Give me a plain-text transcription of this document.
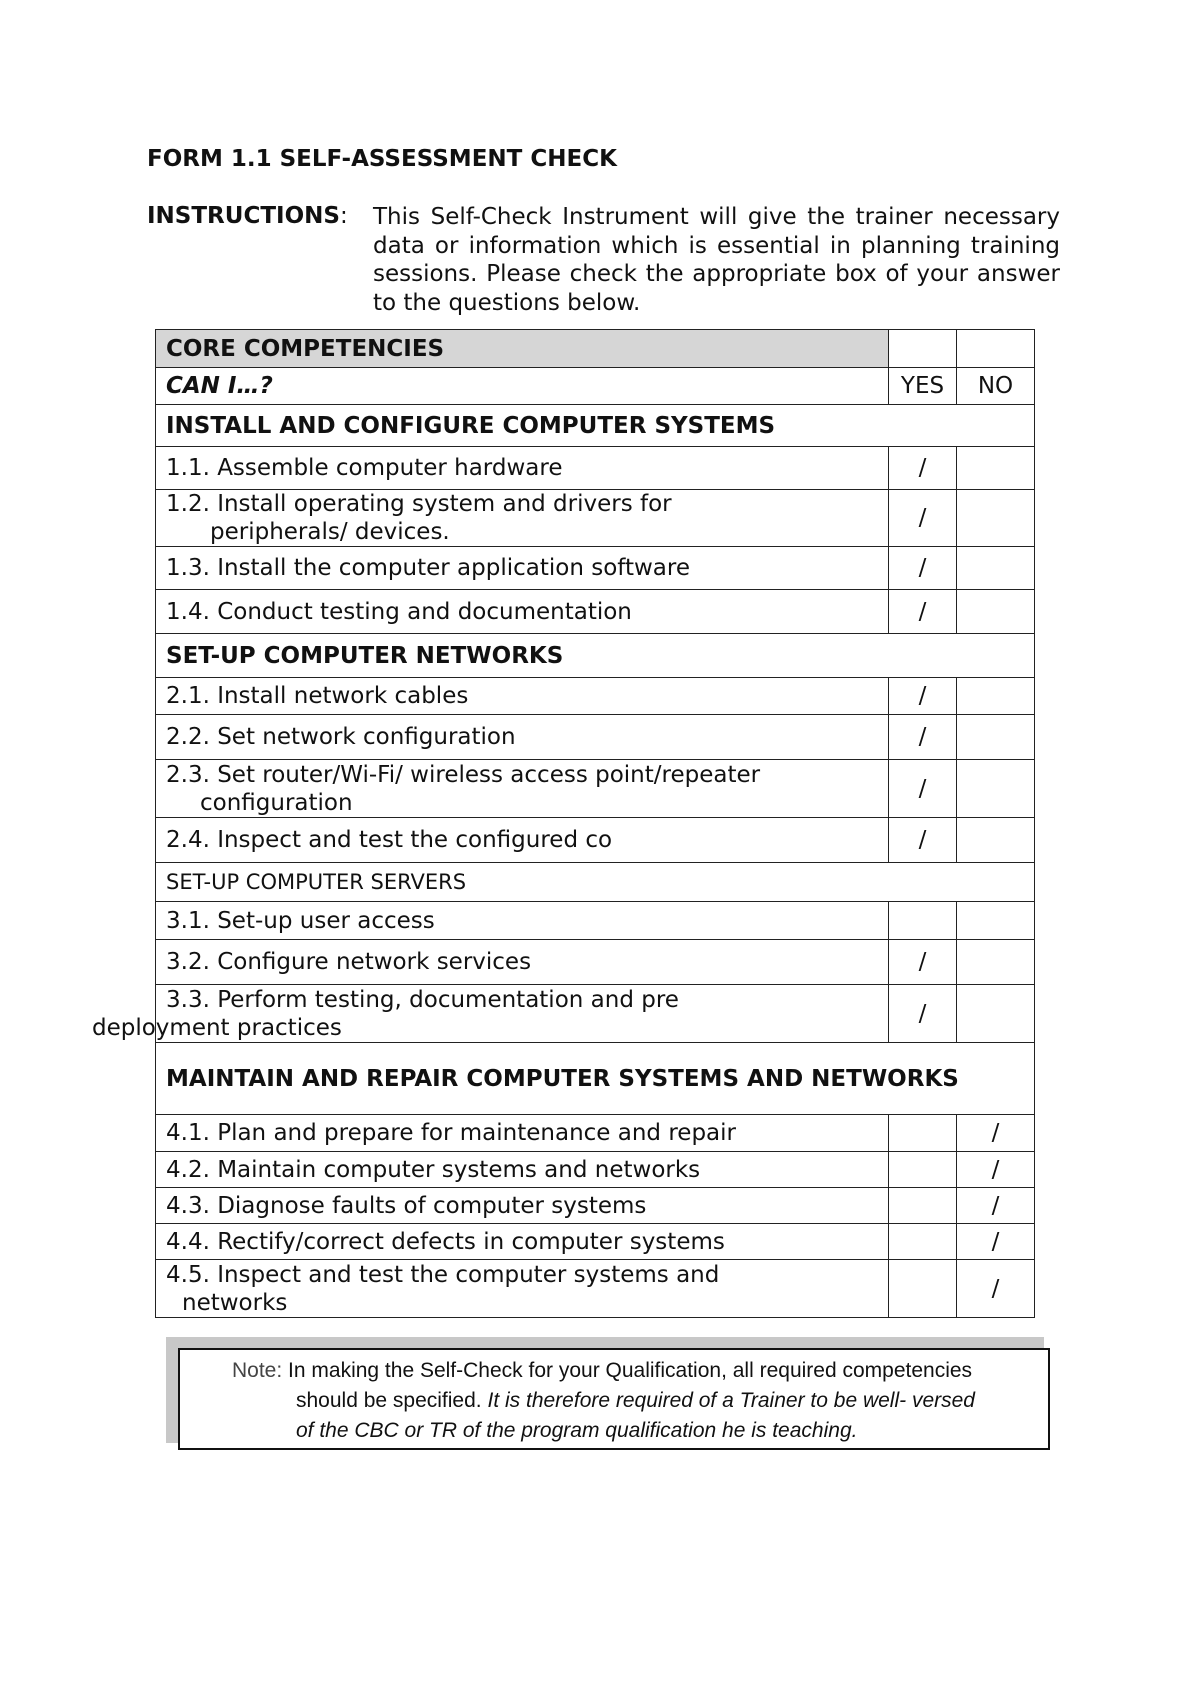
FORM 1.1 SELF-ASSESSMENT CHECK
INSTRUCTIONS: This Self-Check Instrument will give the trainer necessary data or information which is essential in planning training sessions. Please check the appropriate box of your answer to the questions below.
CORE COMPETENCIES		
CAN I…?	YES	NO
INSTALL AND CONFIGURE COMPUTER SYSTEMS		
1.1. Assemble computer hardware	/	
1.2. Install operating system and drivers for
peripherals/ devices.	/	
1.3. Install the computer application software	/	
1.4. Conduct testing and documentation	/	
SET-UP COMPUTER NETWORKS		
2.1. Install network cables	/	
2.2. Set network configuration	/	
2.3. Set router/Wi-Fi/ wireless access point/repeater
configuration	/	
2.4. Inspect and test the configured co	/	
SET-UP COMPUTER SERVERS		
3.1. Set-up user access		
3.2. Configure network services	/	
3.3. Perform testing, documentation and pre
deployment practices	/	
MAINTAIN AND REPAIR COMPUTER SYSTEMS AND NETWORKS		
4.1. Plan and prepare for maintenance and repair		/
4.2. Maintain computer systems and networks		/
4.3. Diagnose faults of computer systems		/
4.4. Rectify/correct defects in computer systems		/
4.5. Inspect and test the computer systems and
networks		/
Note: In making the Self-Check for your Qualification, all required competencies
should be specified. It is therefore required of a Trainer to be well- versed
of the CBC or TR of the program qualification he is teaching.
